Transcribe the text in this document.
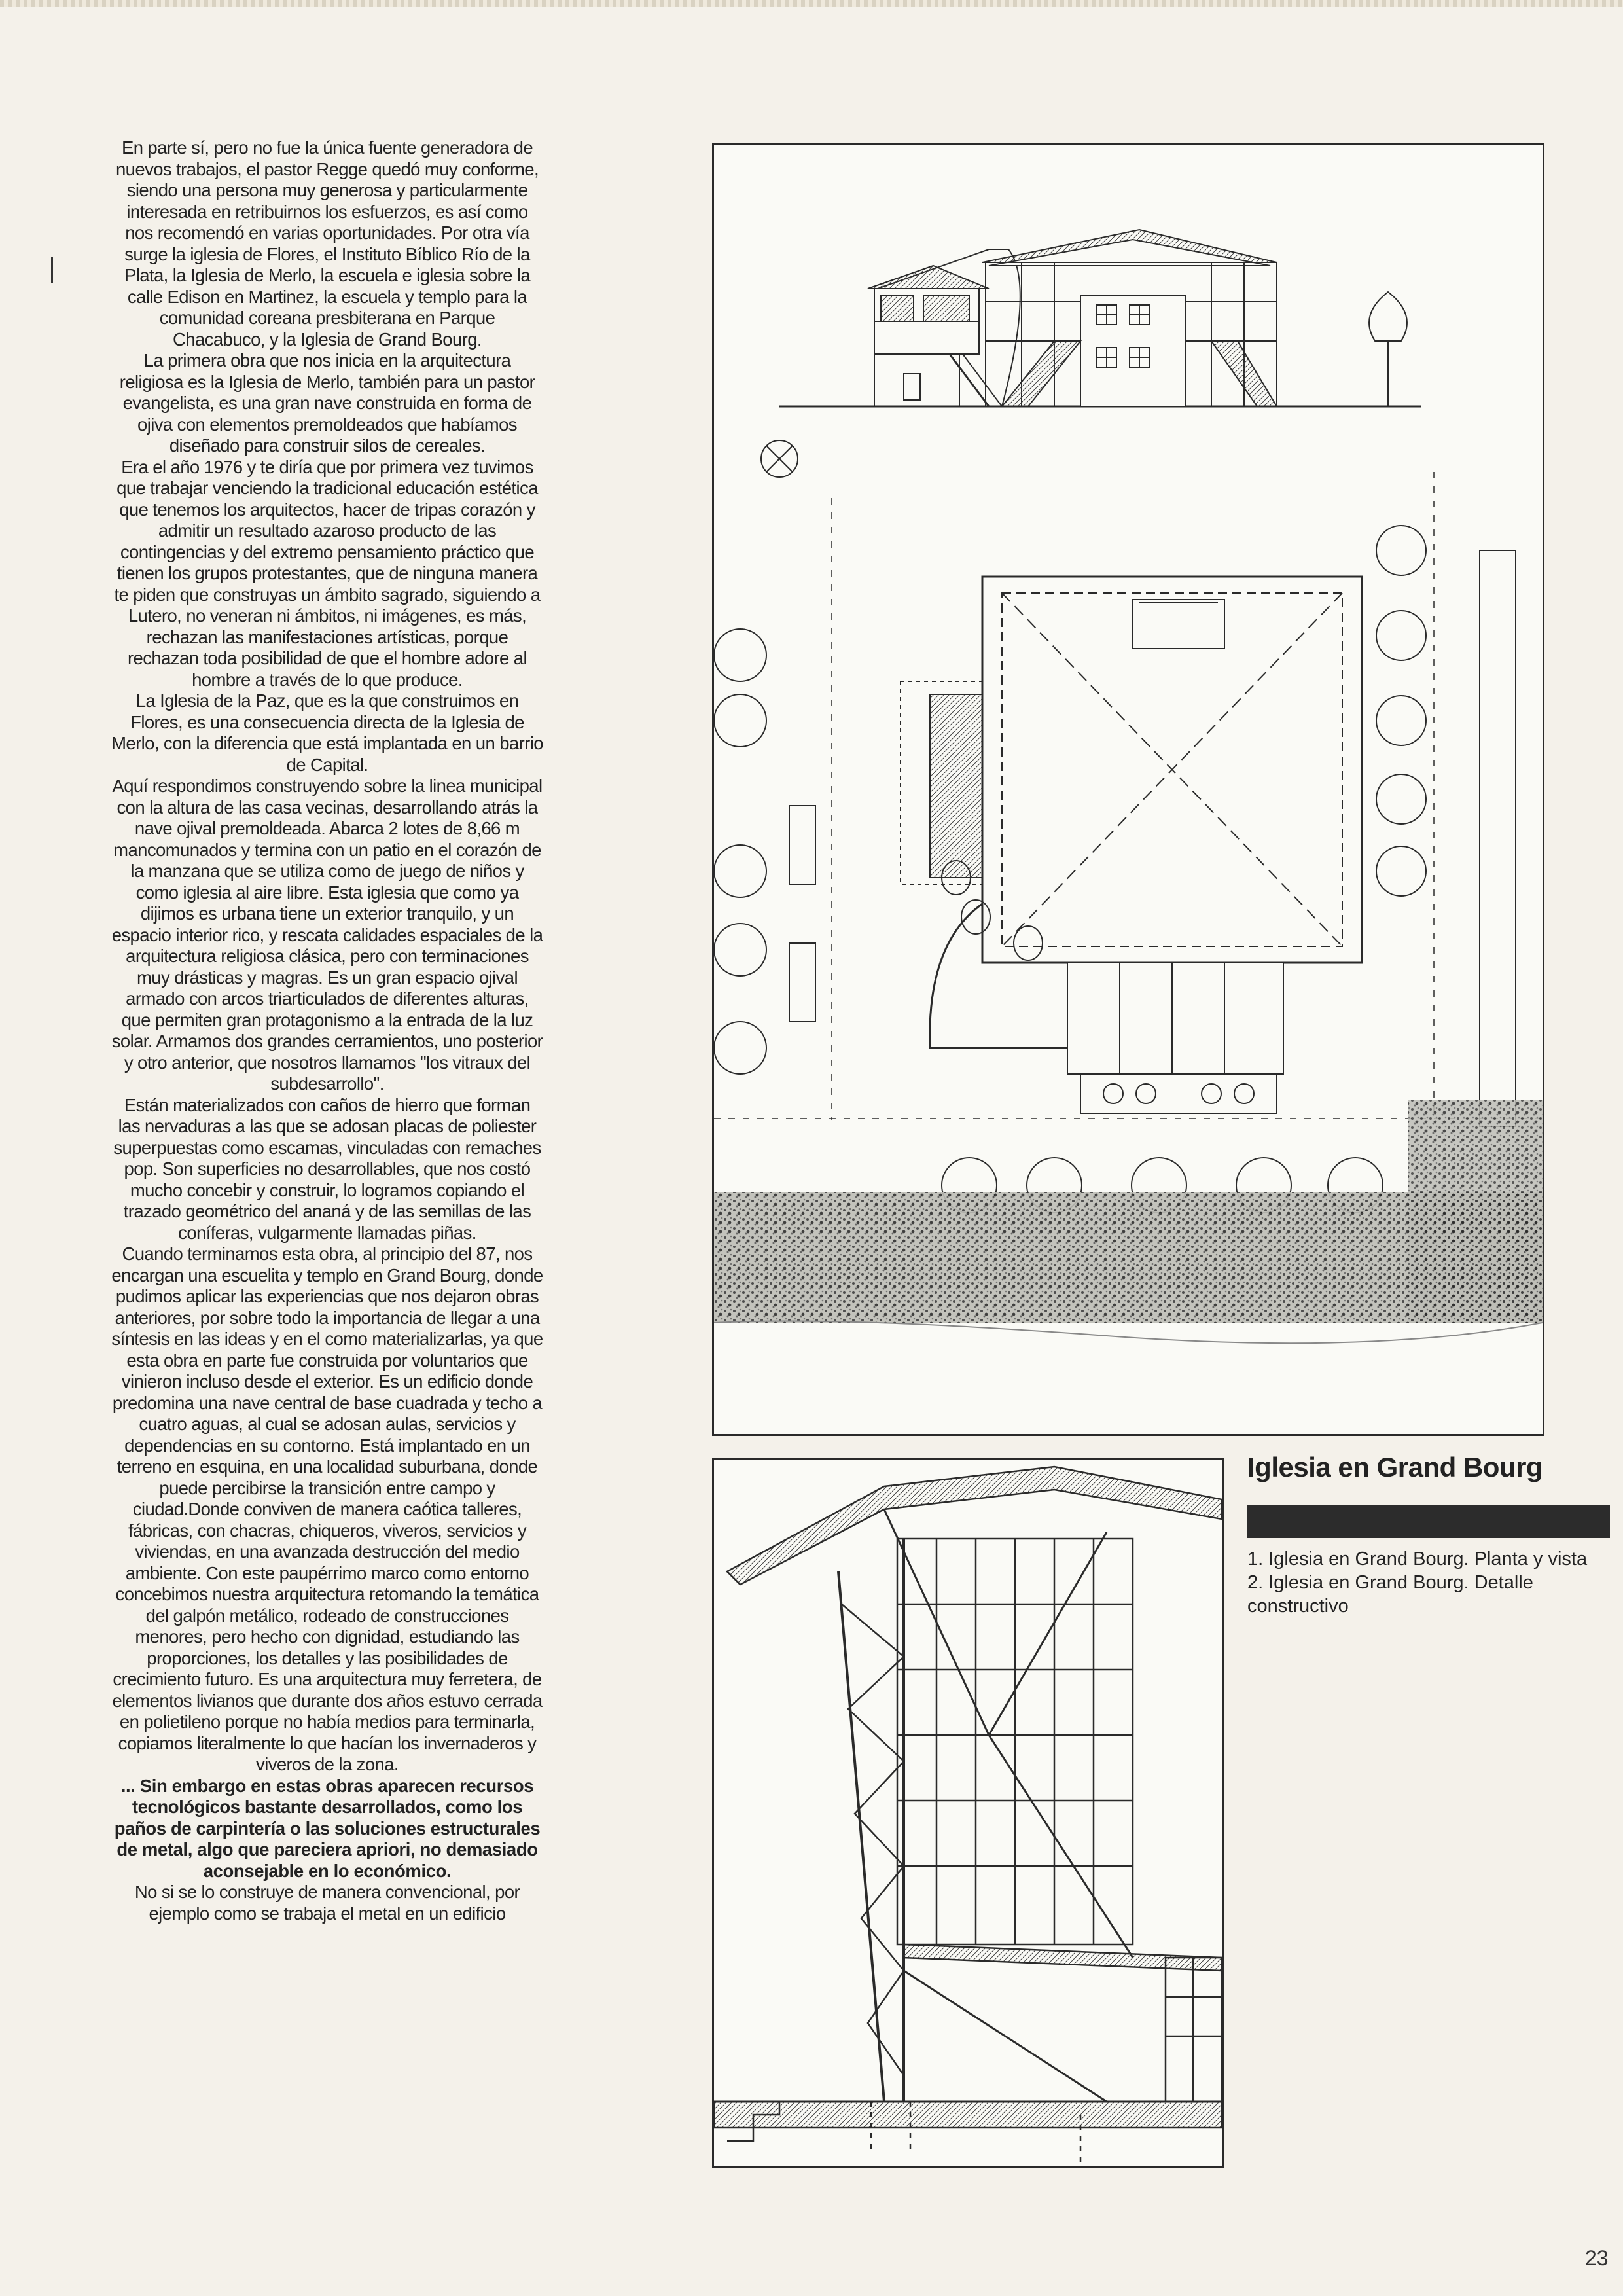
En parte sí, pero no fue la única fuente generadora de nuevos trabajos, el pastor Regge quedó muy conforme, siendo una persona muy generosa y particularmente interesada en retribuirnos los esfuerzos, es así como nos recomendó en varias oportunidades. Por otra vía surge la iglesia de Flores, el Instituto Bíblico Río de la Plata, la Iglesia de Merlo, la escuela e iglesia sobre la calle Edison en Martinez, la escuela y templo para la comunidad coreana presbiterana en Parque Chacabuco, y la Iglesia de Grand Bourg.

La primera obra que nos inicia en la arquitectura religiosa es la Iglesia de Merlo, también para un pastor evangelista, es una gran nave construida en forma de ojiva con elementos premoldeados que habíamos diseñado para construir silos de cereales.

Era el año 1976 y te diría que por primera vez tuvimos que trabajar venciendo la tradicional educación estética que tenemos los arquitectos, hacer de tripas corazón y admitir un resultado azaroso producto de las contingencias y del extremo pensamiento práctico que tienen los grupos protestantes, que de ninguna manera te piden que construyas un ámbito sagrado, siguiendo a Lutero, no veneran ni ámbitos, ni imágenes, es más, rechazan las manifestaciones artísticas, porque rechazan toda posibilidad de que el hombre adore al hombre a través de lo que produce.

La Iglesia de la Paz, que es la que construimos en Flores, es una consecuencia directa de la Iglesia de Merlo, con la diferencia que está implantada en un barrio de Capital.

Aquí respondimos construyendo sobre la linea municipal con la altura de las casa vecinas, desarrollando atrás la nave ojival premoldeada. Abarca 2 lotes de 8,66 m mancomunados y termina con un patio en el corazón de la manzana que se utiliza como de juego de niños y como iglesia al aire libre. Esta iglesia que como ya dijimos es urbana tiene un exterior tranquilo, y un espacio interior rico, y rescata calidades espaciales de la arquitectura religiosa clásica, pero con terminaciones muy drásticas y magras. Es un gran espacio ojival armado con arcos triarticulados de diferentes alturas, que permiten gran protagonismo a la entrada de la luz solar. Armamos dos grandes cerramientos, uno posterior y otro anterior, que nosotros llamamos "los vitraux del subdesarrollo".

Están materializados con caños de hierro que forman las nervaduras a las que se adosan placas de poliester superpuestas como escamas, vinculadas con remaches pop. Son superficies no desarrollables, que nos costó mucho concebir y construir, lo logramos copiando el trazado geométrico del ananá y de las semillas de las coníferas, vulgarmente llamadas piñas.

Cuando terminamos esta obra, al principio del 87, nos encargan una escuelita y templo en Grand Bourg, donde pudimos aplicar las experiencias que nos dejaron obras anteriores, por sobre todo la importancia de llegar a una síntesis en las ideas y en el como materializarlas, ya que esta obra en parte fue construida por voluntarios que vinieron incluso desde el exterior. Es un edificio donde predomina una nave central de base cuadrada y techo a cuatro aguas, al cual se adosan aulas, servicios y dependencias en su contorno. Está implantado en un terreno en esquina, en una localidad suburbana, donde puede percibirse la transición entre campo y ciudad.Donde conviven de manera caótica talleres, fábricas, con chacras, chiqueros, viveros, servicios y viviendas, en una avanzada destrucción del medio ambiente. Con este paupérrimo marco como entorno concebimos nuestra arquitectura retomando la temática del galpón metálico, rodeado de construcciones menores, pero hecho con dignidad, estudiando las proporciones, los detalles y las posibilidades de crecimiento futuro. Es una arquitectura muy ferretera, de elementos livianos que durante dos años estuvo cerrada en polietileno porque no había medios para terminarla, copiamos literalmente lo que hacían los invernaderos y viveros de la zona.

... Sin embargo en estas obras aparecen recursos tecnológicos bastante desarrollados, como los paños de carpintería o las soluciones estructurales de metal, algo que pareciera apriori, no demasiado aconsejable en lo económico.

No si se lo construye de manera convencional, por ejemplo como se trabaja el metal en un edificio

Iglesia en Grand Bourg

1. Iglesia en Grand Bourg. Planta y vista

2. Iglesia en Grand Bourg. Detalle constructivo

23
